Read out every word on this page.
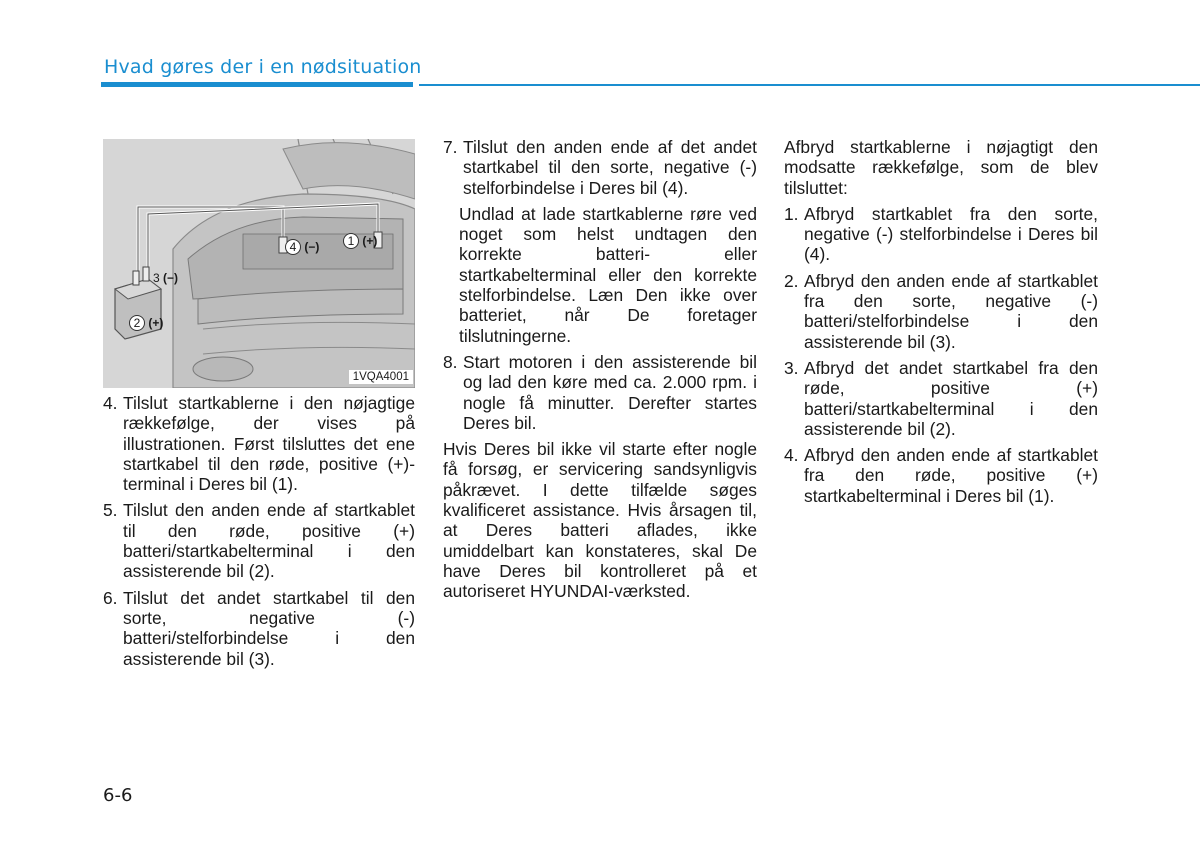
Hvad gøres der i en nødsituation
1 (+)
4 (−)
3 (−)
2 (+)
1VQA4001
4. Tilslut startkablerne i den nøjagtige rækkefølge, der vises på illustrationen. Først tilsluttes det ene startkabel til den røde, positive (+)-terminal i Deres bil (1).
5. Tilslut den anden ende af startkablet til den røde, positive (+) batteri/startkabelterminal i den assisterende bil (2).
6. Tilslut det andet startkabel til den sorte, negative (-) batteri/stelforbindelse i den assisterende bil (3).
7. Tilslut den anden ende af det andet startkabel til den sorte, negative (-) stelforbindelse i Deres bil (4).

Undlad at lade startkablerne røre ved noget som helst undtagen den korrekte batteri- eller startkabelterminal eller den korrekte stelforbindelse. Læn Den ikke over batteriet, når De foretager tilslutningerne.

8. Start motoren i den assisterende bil og lad den køre med ca. 2.000 rpm. i nogle få minutter. Derefter startes Deres bil.

Hvis Deres bil ikke vil starte efter nogle få forsøg, er servicering sandsynligvis påkrævet. I dette tilfælde søges kvalificeret assistance. Hvis årsagen til, at Deres batteri aflades, ikke umiddelbart kan konstateres, skal De have Deres bil kontrolleret på et autoriseret HYUNDAI-værksted.

Afbryd startkablerne i nøjagtigt den modsatte rækkefølge, som de blev tilsluttet:

1. Afbryd startkablet fra den sorte, negative (-) stelforbindelse i Deres bil (4).
2. Afbryd den anden ende af startkablet fra den sorte, negative (-) batteri/stelforbindelse i den assisterende bil (3).
3. Afbryd det andet startkabel fra den røde, positive (+) batteri/startkabelterminal i den assisterende bil (2).
4. Afbryd den anden ende af startkablet fra den røde, positive (+) startkabelterminal i Deres bil (1).
6-6
